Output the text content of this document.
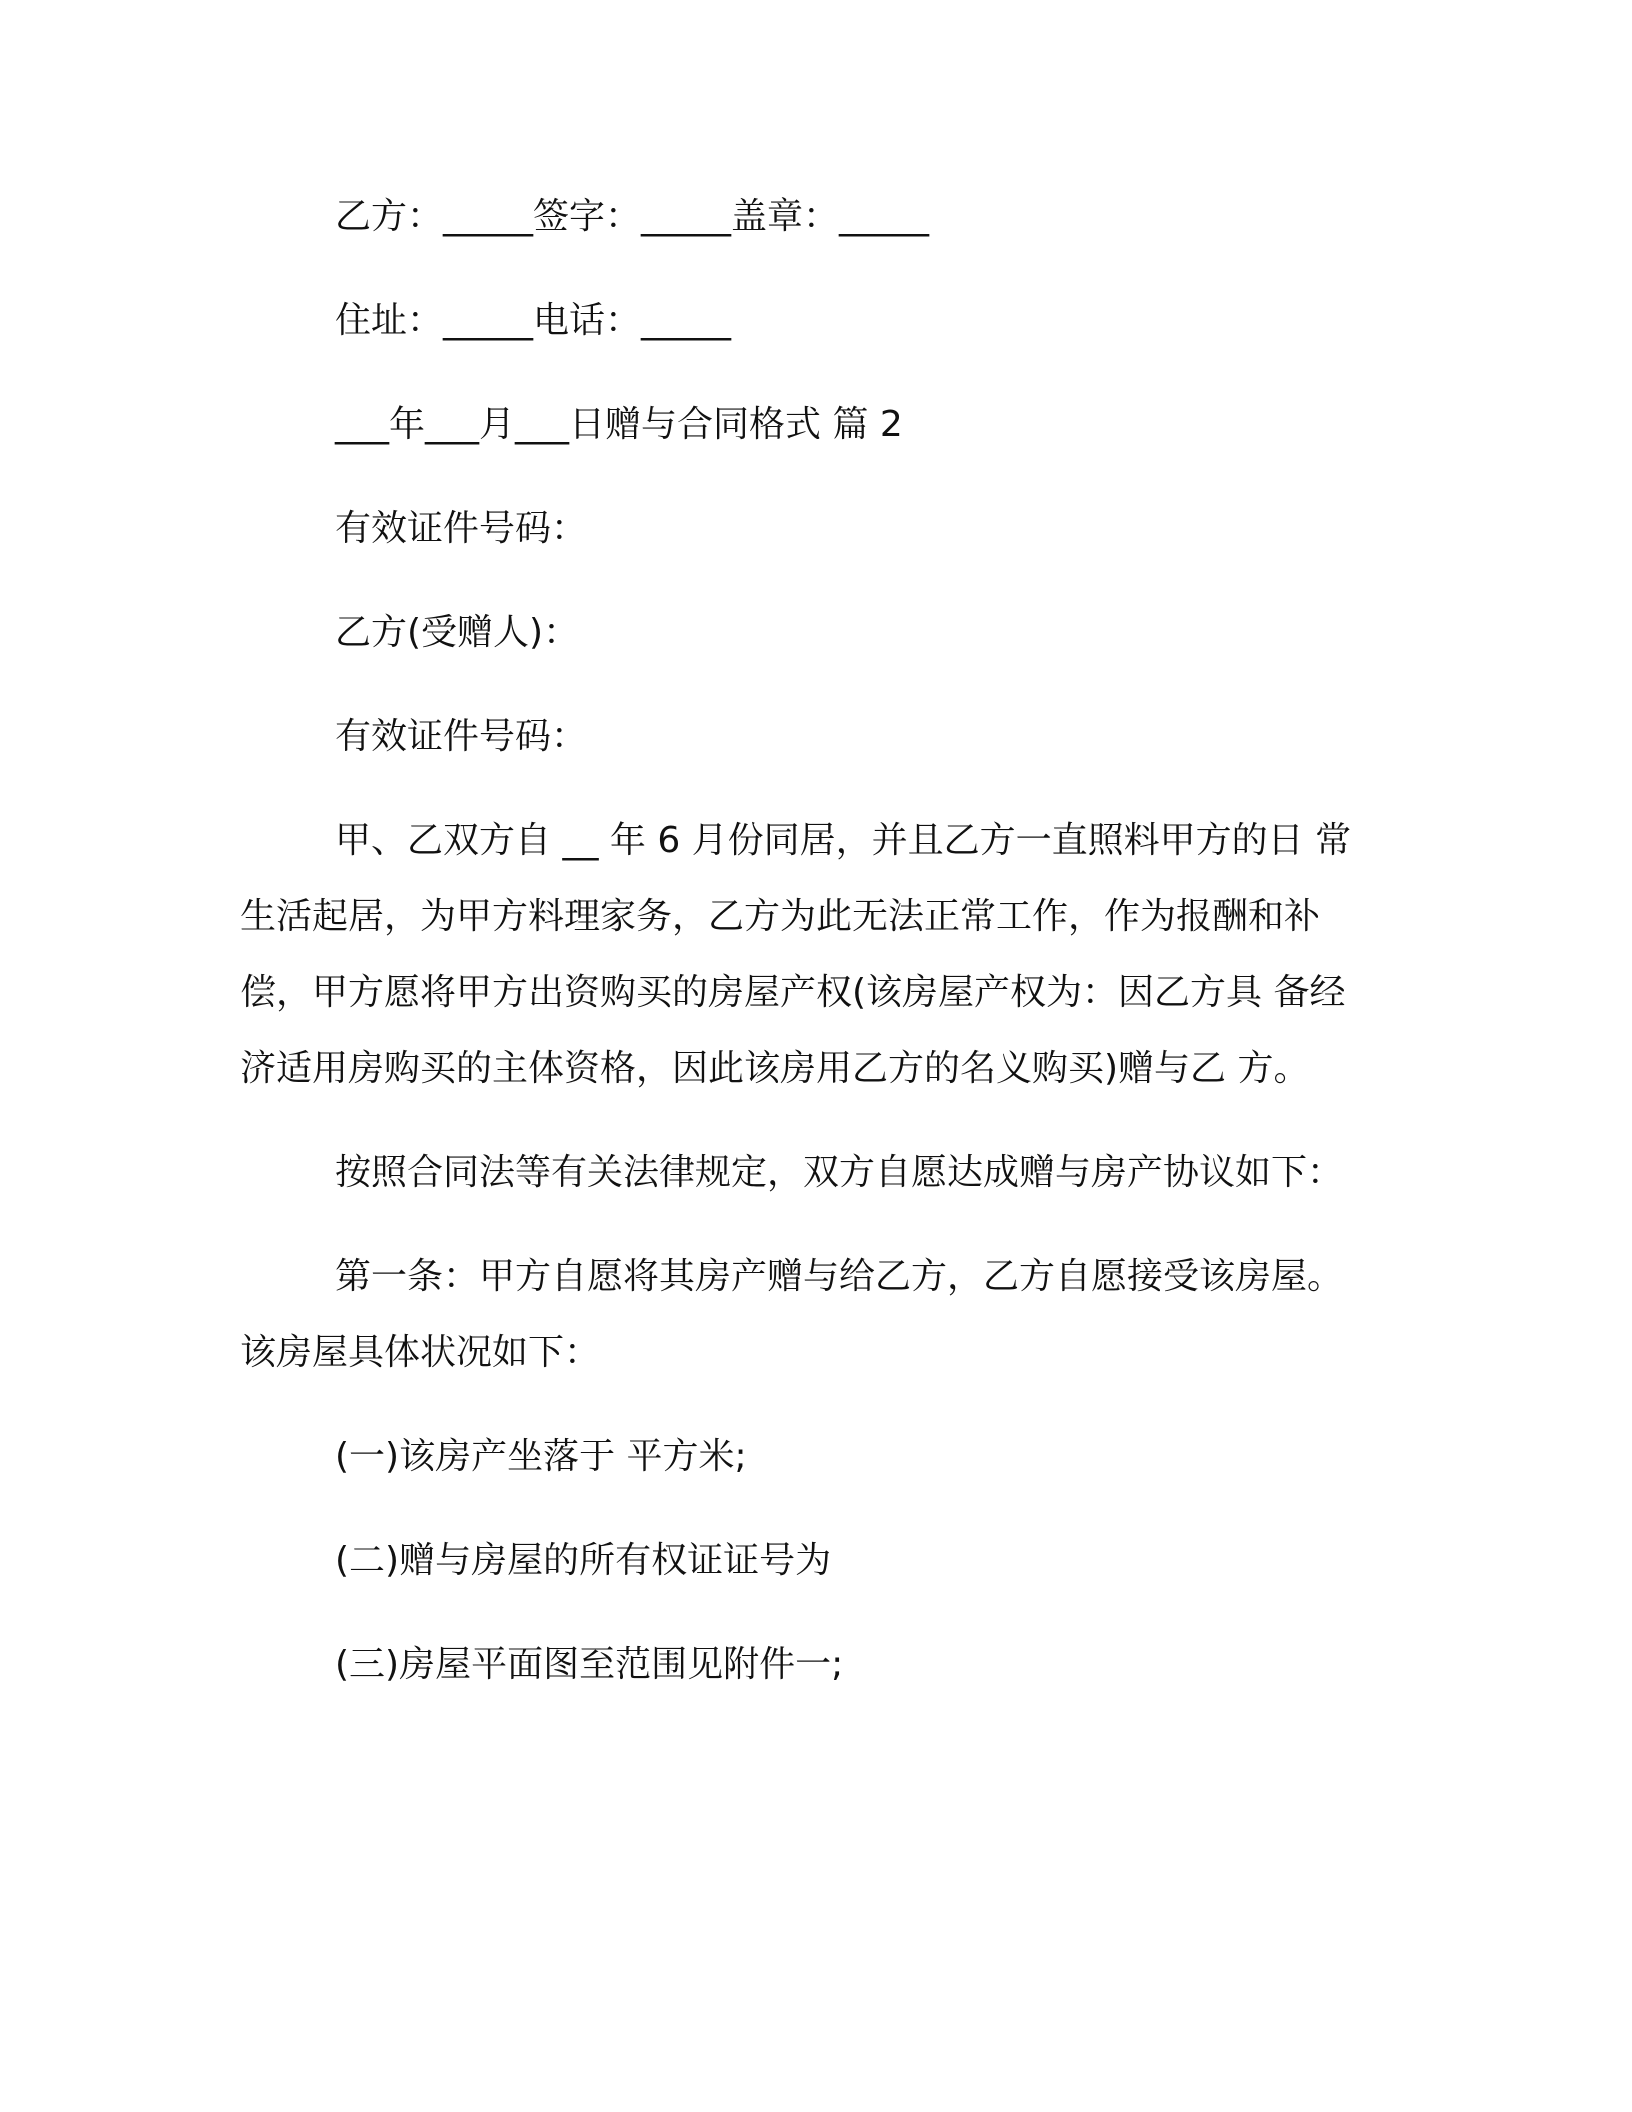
乙方：_____签字：_____盖章：_____
住址：_____电话：_____
___年___月___日赠与合同格式 篇 2
有效证件号码：
乙方(受赠人)：
有效证件号码：
甲、乙双方自 __ 年 6 月份同居，并且乙方一直照料甲方的日 常
生活起居，为甲方料理家务，乙方为此无法正常工作，作为报酬和补
偿，甲方愿将甲方出资购买的房屋产权(该房屋产权为：因乙方具 备经
济适用房购买的主体资格，因此该房用乙方的名义购买)赠与乙 方。
按照合同法等有关法律规定，双方自愿达成赠与房产协议如下：
第一条：甲方自愿将其房产赠与给乙方，乙方自愿接受该房屋。
该房屋具体状况如下：
(一)该房产坐落于 平方米;
(二)赠与房屋的所有权证证号为
(三)房屋平面图至范围见附件一;
